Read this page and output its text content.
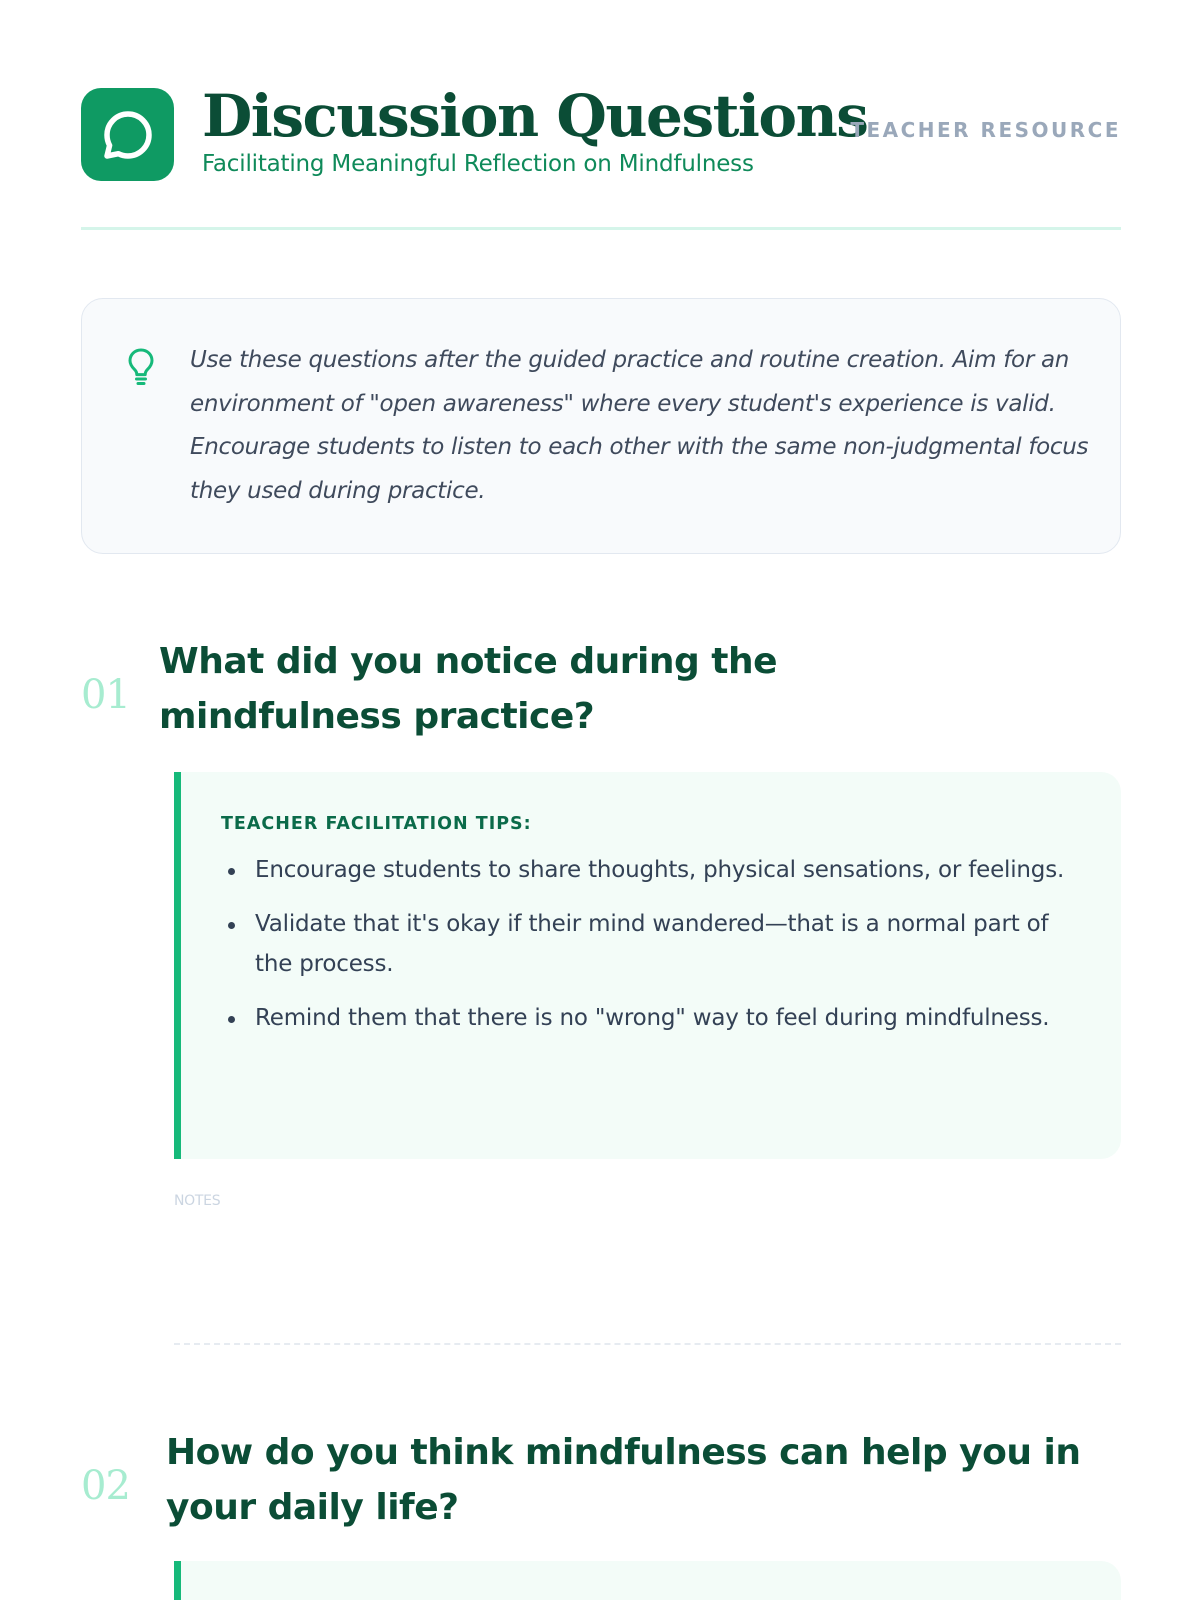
Discussion Questions
Facilitating Meaningful Reflection on Mindfulness
TEACHER RESOURCE

Use these questions after the guided practice and routine creation. Aim for an environment of "open awareness" where every student's experience is valid. Encourage students to listen to each other with the same non-judgmental focus they used during practice.

01
What did you notice during the mindfulness practice?
TEACHER FACILITATION TIPS:
Encourage students to share thoughts, physical sensations, or feelings.
Validate that it's okay if their mind wandered—that is a normal part of the process.
Remind them that there is no "wrong" way to feel during mindfulness.
NOTES
02
How do you think mindfulness can help you in your daily life?
